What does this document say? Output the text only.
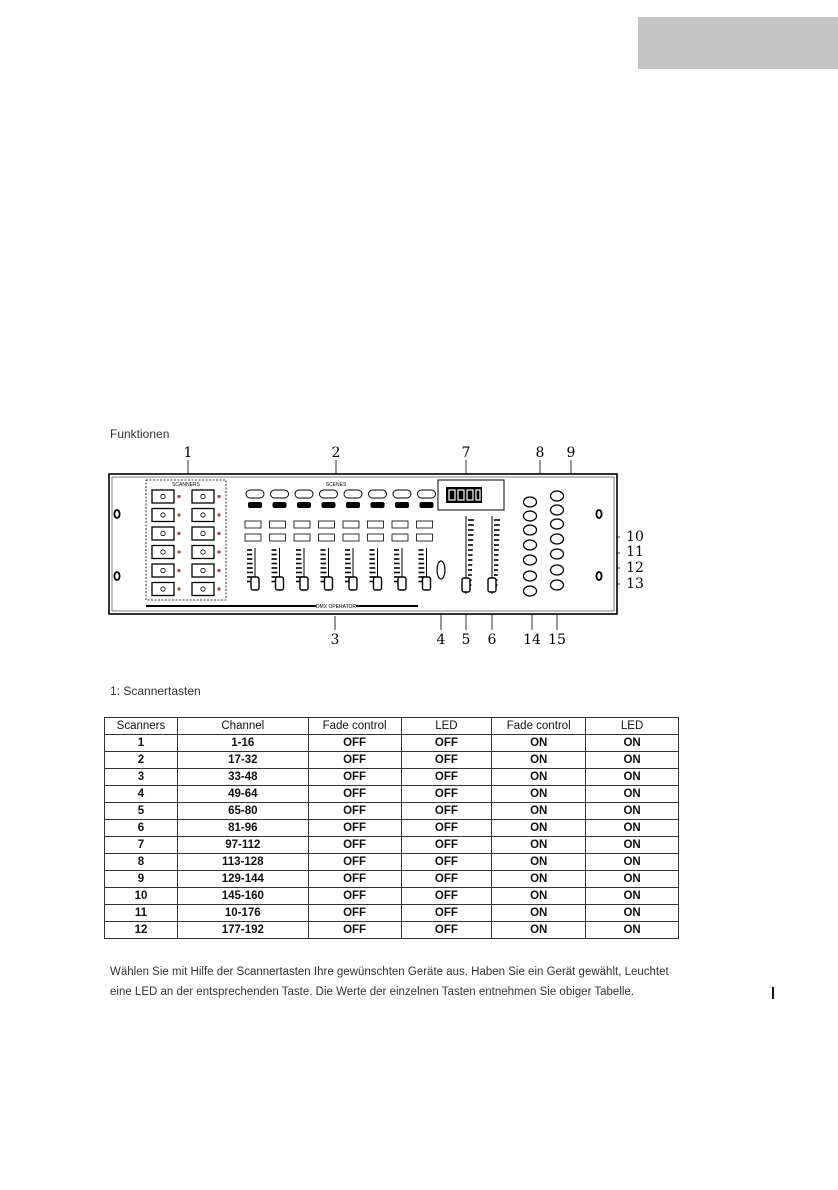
Funktionen
1	2	7	8 9
10
11
12
13
3	4 5 6 14 15
SCANNERS	SCENES
DMX OPERATOR
1: Scannertasten
Scanners	Channel	Fade control	LED	Fade control	LED
1	1-16	OFF	OFF	ON	ON
2	17-32	OFF	OFF	ON	ON
3	33-48	OFF	OFF	ON	ON
4	49-64	OFF	OFF	ON	ON
5	65-80	OFF	OFF	ON	ON
6	81-96	OFF	OFF	ON	ON
7	97-112	OFF	OFF	ON	ON
8	113-128	OFF	OFF	ON	ON
9	129-144	OFF	OFF	ON	ON
10	145-160	OFF	OFF	ON	ON
11	10-176	OFF	OFF	ON	ON
12	177-192	OFF	OFF	ON	ON
Wählen Sie mit Hilfe der Scannertasten Ihre gewünschten Geräte aus. Haben Sie ein Gerät gewählt, Leuchtet
eine LED an der entsprechenden Taste. Die Werte der einzelnen Tasten entnehmen Sie obiger Tabelle.
